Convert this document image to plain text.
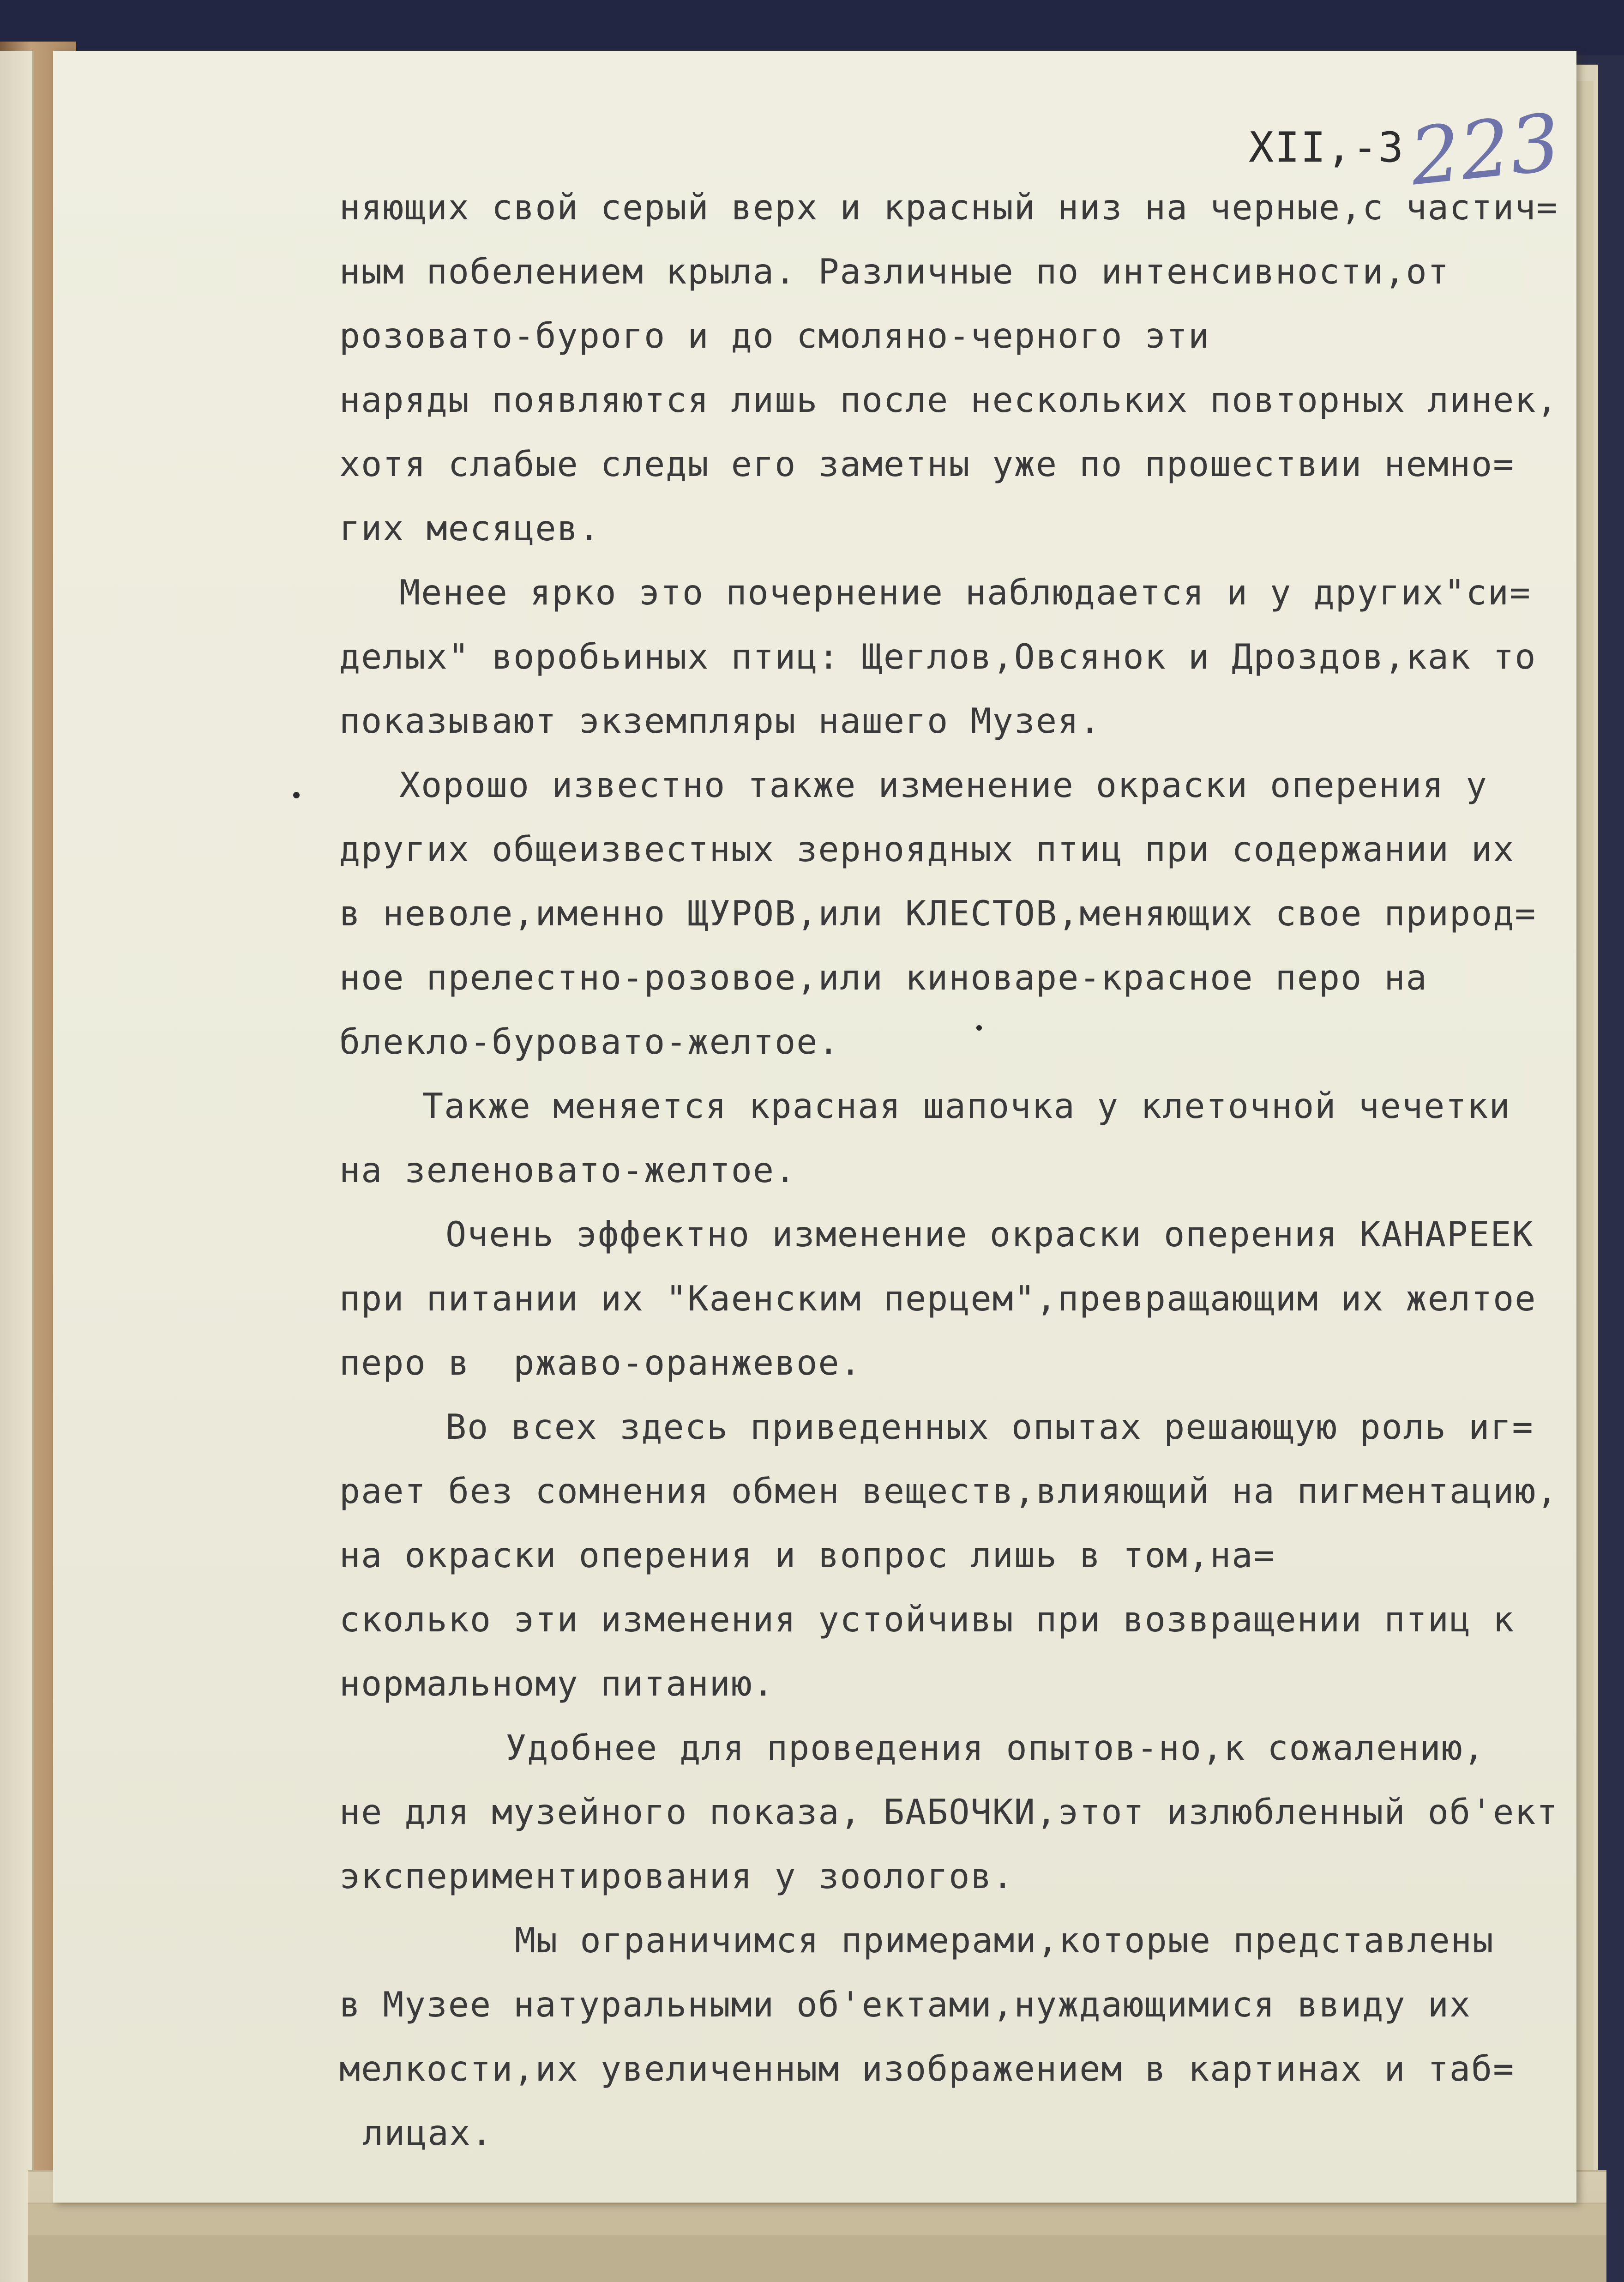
XII,-3 223

няющих свой серый верх и красный низ на черные,с частич=

ным побелением крыла. Различные по интенсивности,от

розовато-бурого и до смоляно-черного эти

наряды появляются лишь после нескольких повторных линек,

хотя слабые следы его заметны уже по прошествии немно=

гих месяцев.

Менее ярко это почернение наблюдается и у других"си=

делых" воробьиных птиц: Щеглов,Овсянок и Дроздов,как то

показывают экземпляры нашего Музея.

Хорошо известно также изменение окраски оперения у

других общеизвестных зерноядных птиц при содержании их

в неволе,именно ЩУРОВ,или КЛЕСТОВ,меняющих свое природ=

ное прелестно-розовое,или киноваре-красное перо на

блекло-буровато-желтое.

Также меняется красная шапочка у клеточной чечетки

на зеленовато-желтое.

Очень эффектно изменение окраски оперения КАНАРЕЕК

при питании их "Каенским перцем",превращающим их желтое

перо в  ржаво-оранжевое.

Во всех здесь приведенных опытах решающую роль иг=

рает без сомнения обмен веществ,влияющий на пигментацию,

на окраски оперения и вопрос лишь в том,на=

сколько эти изменения устойчивы при возвращении птиц к

нормальному питанию.

Удобнее для проведения опытов-но,к сожалению,

не для музейного показа, БАБОЧКИ,этот излюбленный об'ект

экспериментирования у зоологов.

Мы ограничимся примерами,которые представлены

в Музее натуральными об'ектами,нуждающимися ввиду их

мелкости,их увеличенным изображением в картинах и таб=

лицах.
